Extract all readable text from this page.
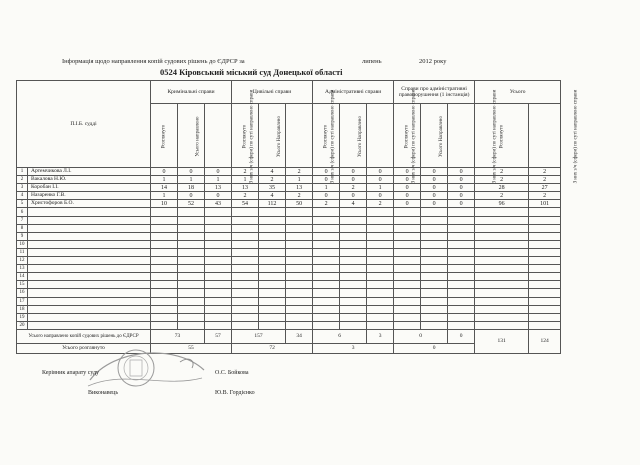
Інформація щодо направлення копій судових рішень до ЄДРСР за	липень	2012 року
0524 Кіровський міський суд Донецької області
П.І.Б. судді		Кримінальні справи			Цивільні справи			Адміністративні справи			Справи про адміністративні правопорушення (1 інстанція)			Усього	
		Розглянуто	Усього направлено	З них з/ч (сфери) по суті направлено справи	Розглянуто	Усього Направлено	З них з/ч (сфери) по суті направлено справи	Розглянуто	Усього Направлено	З них з/ч (сфери) по суті направлено справи	Розглянуто	Усього Направлено	З них з/ч (сфери) по суті направлено справи	Розглянуто	З них з/ч (сфери) по суті направлено справи
1	Артемчикова Л.І.	0	0	0	2	4	2	0	0	0	0	0	0	2	2
2	Вакалова Н.Ю.	1	1	1	1	2	1	0	0	0	0	0	0	2	2
3	Коробан І.І.	14	18	13	13	35	13	1	2	1	0	0	0	28	27
4	Назаренко Г.В.	1	0	0	2	4	2	0	0	0	0	0	0	2	2
5	Христофоров Б.О.	10	52	43	54	112	50	2	4	2	0	0	0	96	101
6															
7															
8															
9															
10															
11															
12															
13															
14															
15															
16															
17															
18															
19															
20															
Усього направлено копій судових рішень до ЄДРСР		73		57	157		34	6		3	0		0	131	124
Усього розглянуто		55			72			3			0				
Керівник апарату суду	О.С. Бойкова
Виконавець	Ю.В. Гордієнко
